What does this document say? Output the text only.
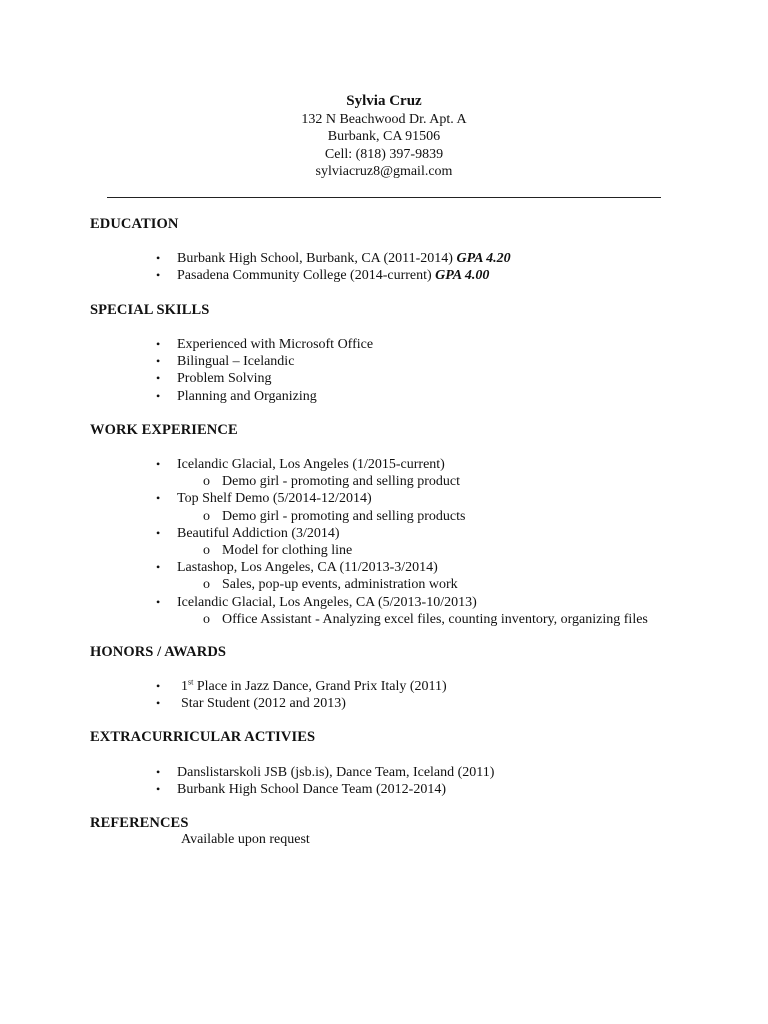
Sylvia Cruz
132 N Beachwood Dr. Apt. A
Burbank, CA 91506
Cell: (818) 397-9839
sylviacruz8@gmail.com
EDUCATION
• Burbank High School, Burbank, CA (2011-2014) GPA 4.20
• Pasadena Community College (2014-current) GPA 4.00
SPECIAL SKILLS
• Experienced with Microsoft Office
• Bilingual – Icelandic
• Problem Solving
• Planning and Organizing
WORK EXPERIENCE
• Icelandic Glacial, Los Angeles (1/2015-current)
o Demo girl - promoting and selling product
• Top Shelf Demo (5/2014-12/2014)
o Demo girl - promoting and selling products
• Beautiful Addiction (3/2014)
o Model for clothing line
• Lastashop, Los Angeles, CA (11/2013-3/2014)
o Sales, pop-up events, administration work
• Icelandic Glacial, Los Angeles, CA (5/2013-10/2013)
o Office Assistant - Analyzing excel files, counting inventory, organizing files
HONORS / AWARDS
• 1st Place in Jazz Dance, Grand Prix Italy (2011)
• Star Student (2012 and 2013)
EXTRACURRICULAR ACTIVIES
• Danslistarskoli JSB (jsb.is), Dance Team, Iceland (2011)
• Burbank High School Dance Team (2012-2014)
REFERENCES
Available upon request
